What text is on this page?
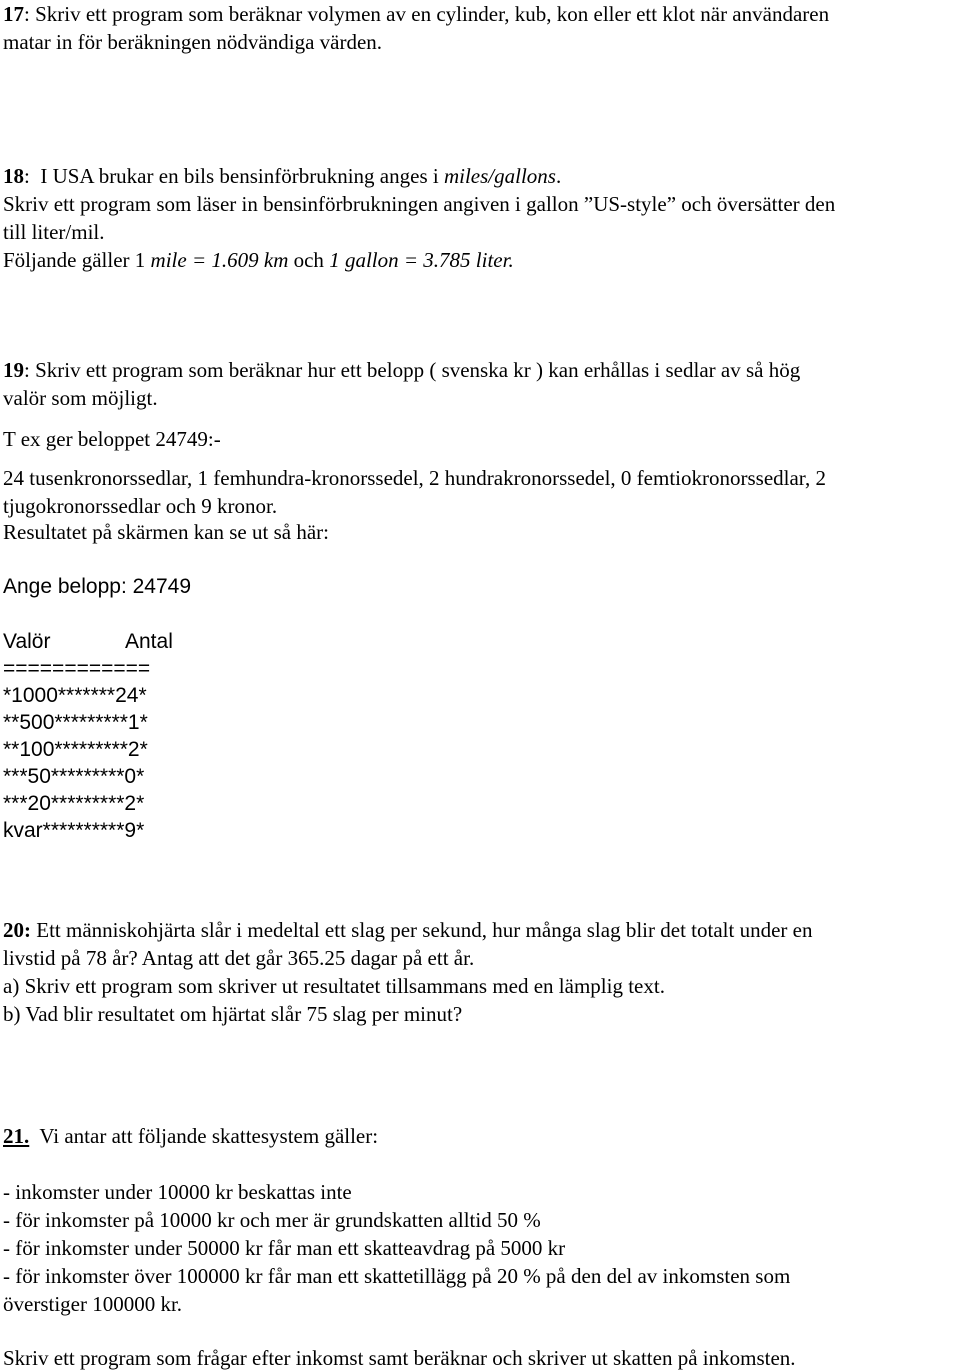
17: Skriv ett program som beräknar volymen av en cylinder, kub, kon eller ett klot när användaren
matar in för beräkningen nödvändiga värden.
18:  I USA brukar en bils bensinförbrukning anges i miles/gallons.
Skriv ett program som läser in bensinförbrukningen angiven i gallon ”US-style” och översätter den
till liter/mil.
Följande gäller 1 mile = 1.609 km och 1 gallon = 3.785 liter.
19: Skriv ett program som beräknar hur ett belopp ( svenska kr ) kan erhållas i sedlar av så hög
valör som möjligt.
T ex ger beloppet 24749:-
24 tusenkronorssedlar, 1 femhundra-kronorssedel, 2 hundrakronorssedel, 0 femtiokronorssedlar, 2
tjugokronorssedlar och 9 kronor.
Resultatet på skärmen kan se ut så här:
Ange belopp: 24749
Valör	Antal
============
*1000*******24*
**500*********1*
**100*********2*
***50*********0*
***20*********2*
kvar**********9*
20: Ett människohjärta slår i medeltal ett slag per sekund, hur många slag blir det totalt under en
livstid på 78 år? Antag att det går 365.25 dagar på ett år.
a) Skriv ett program som skriver ut resultatet tillsammans med en lämplig text.
b) Vad blir resultatet om hjärtat slår 75 slag per minut?
21. Vi antar att följande skattesystem gäller:
- inkomster under 10000 kr beskattas inte
- för inkomster på 10000 kr och mer är grundskatten alltid 50 %
- för inkomster under 50000 kr får man ett skatteavdrag på 5000 kr
- för inkomster över 100000 kr får man ett skattetillägg på 20 % på den del av inkomsten som
överstiger 100000 kr.
Skriv ett program som frågar efter inkomst samt beräknar och skriver ut skatten på inkomsten.
